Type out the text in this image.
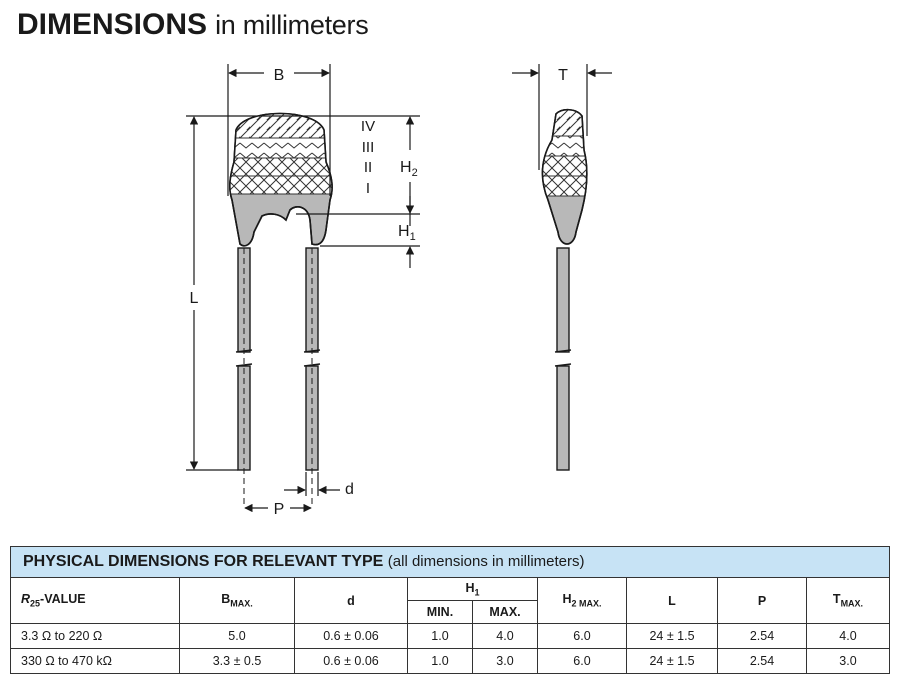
DIMENSIONS in millimeters
B	T
L
IV
III
II
I
$H_2$
$H_1$
P
d
PHYSICAL DIMENSIONS FOR RELEVANT TYPE (all dimensions in millimeters)								
$R_{25}$-VALUE	$B_{MAX.}$	d	$H_1$		$H_{2 MAX.}$	L	P	$T_{MAX.}$
			MIN.	MAX.				
3.3 Ω to 220 Ω	5.0	0.6 ± 0.06	1.0	4.0	6.0	24 ± 1.5	2.54	4.0
330 Ω to 470 kΩ	3.3 ± 0.5	0.6 ± 0.06	1.0	3.0	6.0	24 ± 1.5	2.54	3.0
